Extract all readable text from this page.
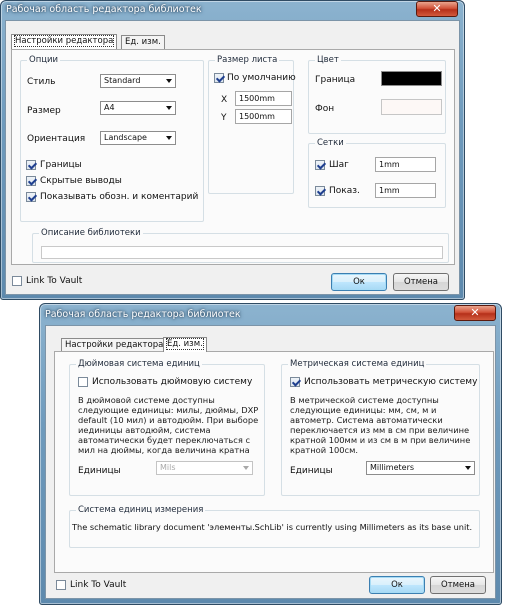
Рабочая область редактора библиотек	✕
Настройки редактора	Ед. изм.
Опции
Стиль	Standard
Размер	A4
Ориентация	Landscape
Границы
Скрытые выводы
Показывать обозн. и коментарий
Размер листа
По умолчанию
X	1500mm
Y	1500mm
Цвет
Граница
Фон
Сетки
Шаг	1mm
Показ.	1mm
Описание библиотеки
Link To Vault	Ок	Отмена
Рабочая область редактора библиотек	✕
Настройки редактора Ед. изм.
Дюймовая система единиц
Использовать дюймовую систему
В дюймовой системе доступны следующие единицы: милы, дюймы, DXP default (10 мил) и автодюйм. При выборе иединицы автодюйм, система автоматически будет переключаться с мил на дюймы, когда величина кратна
Единицы	Mils
Метрическая система единиц
Использовать метрическую систему
В метрической системе доступны следующие единицы: мм, см, м и автометр. Система автоматически переключается из мм в см при величине кратной 100мм и из см в м при величине кратной 100см.
Единицы	Millimeters
Система единиц измерения
The schematic library document 'элементы.SchLib' is currently using Millimeters as its base unit.
Link To Vault	Ок	Отмена
